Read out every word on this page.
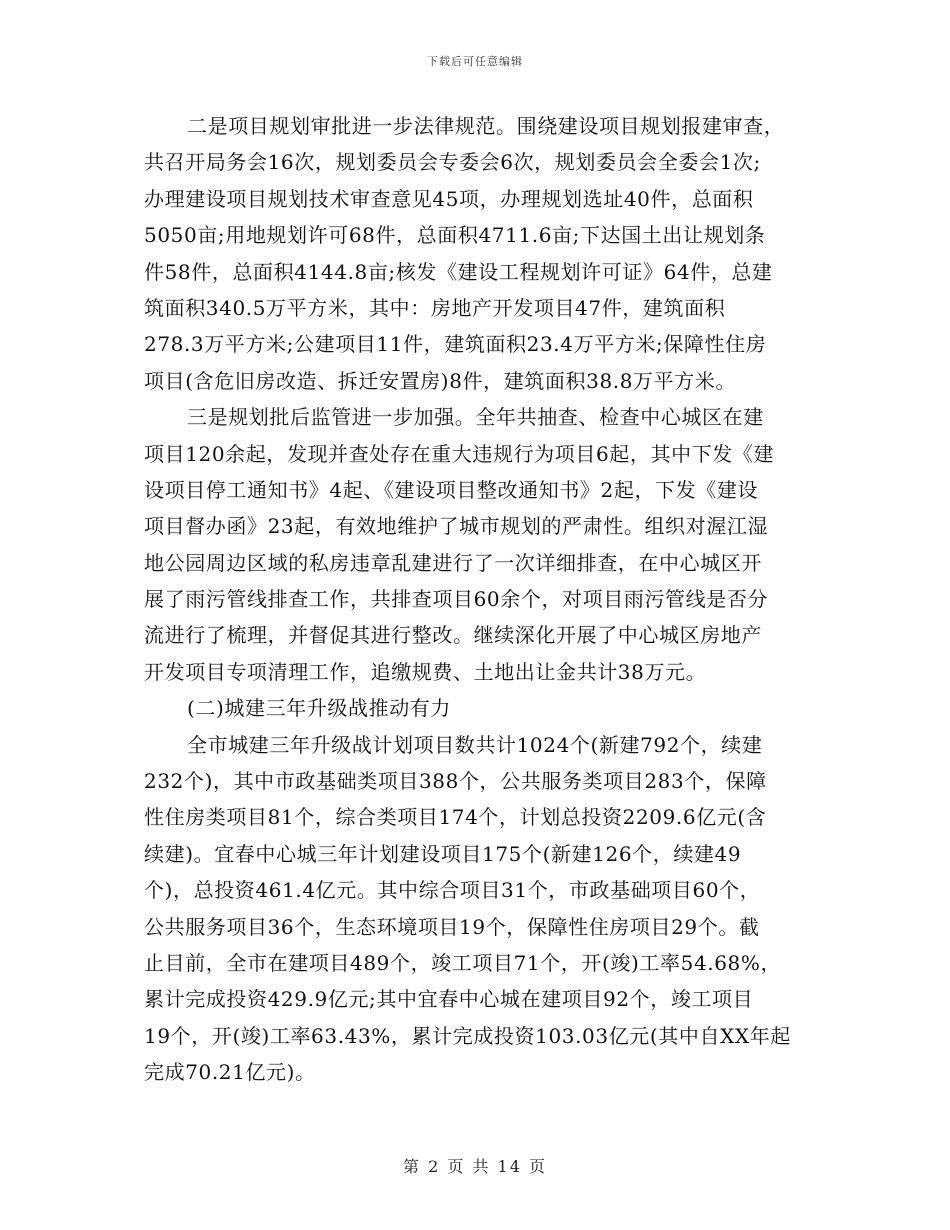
下载后可任意编辑
二是项目规划审批进一步法律规范。围绕建设项目规划报建审查，
共召开局务会16次，规划委员会专委会6次，规划委员会全委会1次;
办理建设项目规划技术审查意见45项，办理规划选址40件，总面积
5050亩;用地规划许可68件，总面积4711.6亩;下达国土出让规划条
件58件，总面积4144.8亩;核发《建设工程规划许可证》64件，总建
筑面积340.5万平方米，其中：房地产开发项目47件，建筑面积
278.3万平方米;公建项目11件，建筑面积23.4万平方米;保障性住房
项目(含危旧房改造、拆迁安置房)8件，建筑面积38.8万平方米。
三是规划批后监管进一步加强。全年共抽查、检查中心城区在建
项目120余起，发现并查处存在重大违规行为项目6起，其中下发《建
设项目停工通知书》4起、《建设项目整改通知书》2起，下发《建设
项目督办函》23起，有效地维护了城市规划的严肃性。组织对渥江湿
地公园周边区域的私房违章乱建进行了一次详细排查，在中心城区开
展了雨污管线排查工作，共排查项目60余个，对项目雨污管线是否分
流进行了梳理，并督促其进行整改。继续深化开展了中心城区房地产
开发项目专项清理工作，追缴规费、土地出让金共计38万元。
(二)城建三年升级战推动有力
全市城建三年升级战计划项目数共计1024个(新建792个，续建
232个)，其中市政基础类项目388个，公共服务类项目283个，保障
性住房类项目81个，综合类项目174个，计划总投资2209.6亿元(含
续建)。宜春中心城三年计划建设项目175个(新建126个，续建49
个)，总投资461.4亿元。其中综合项目31个，市政基础项目60个，
公共服务项目36个，生态环境项目19个，保障性住房项目29个。截
止目前，全市在建项目489个，竣工项目71个，开(竣)工率54.68%，
累计完成投资429.9亿元;其中宜春中心城在建项目92个，竣工项目
19个，开(竣)工率63.43%，累计完成投资103.03亿元(其中自XX年起
完成70.21亿元)。
第 2 页 共 14 页
